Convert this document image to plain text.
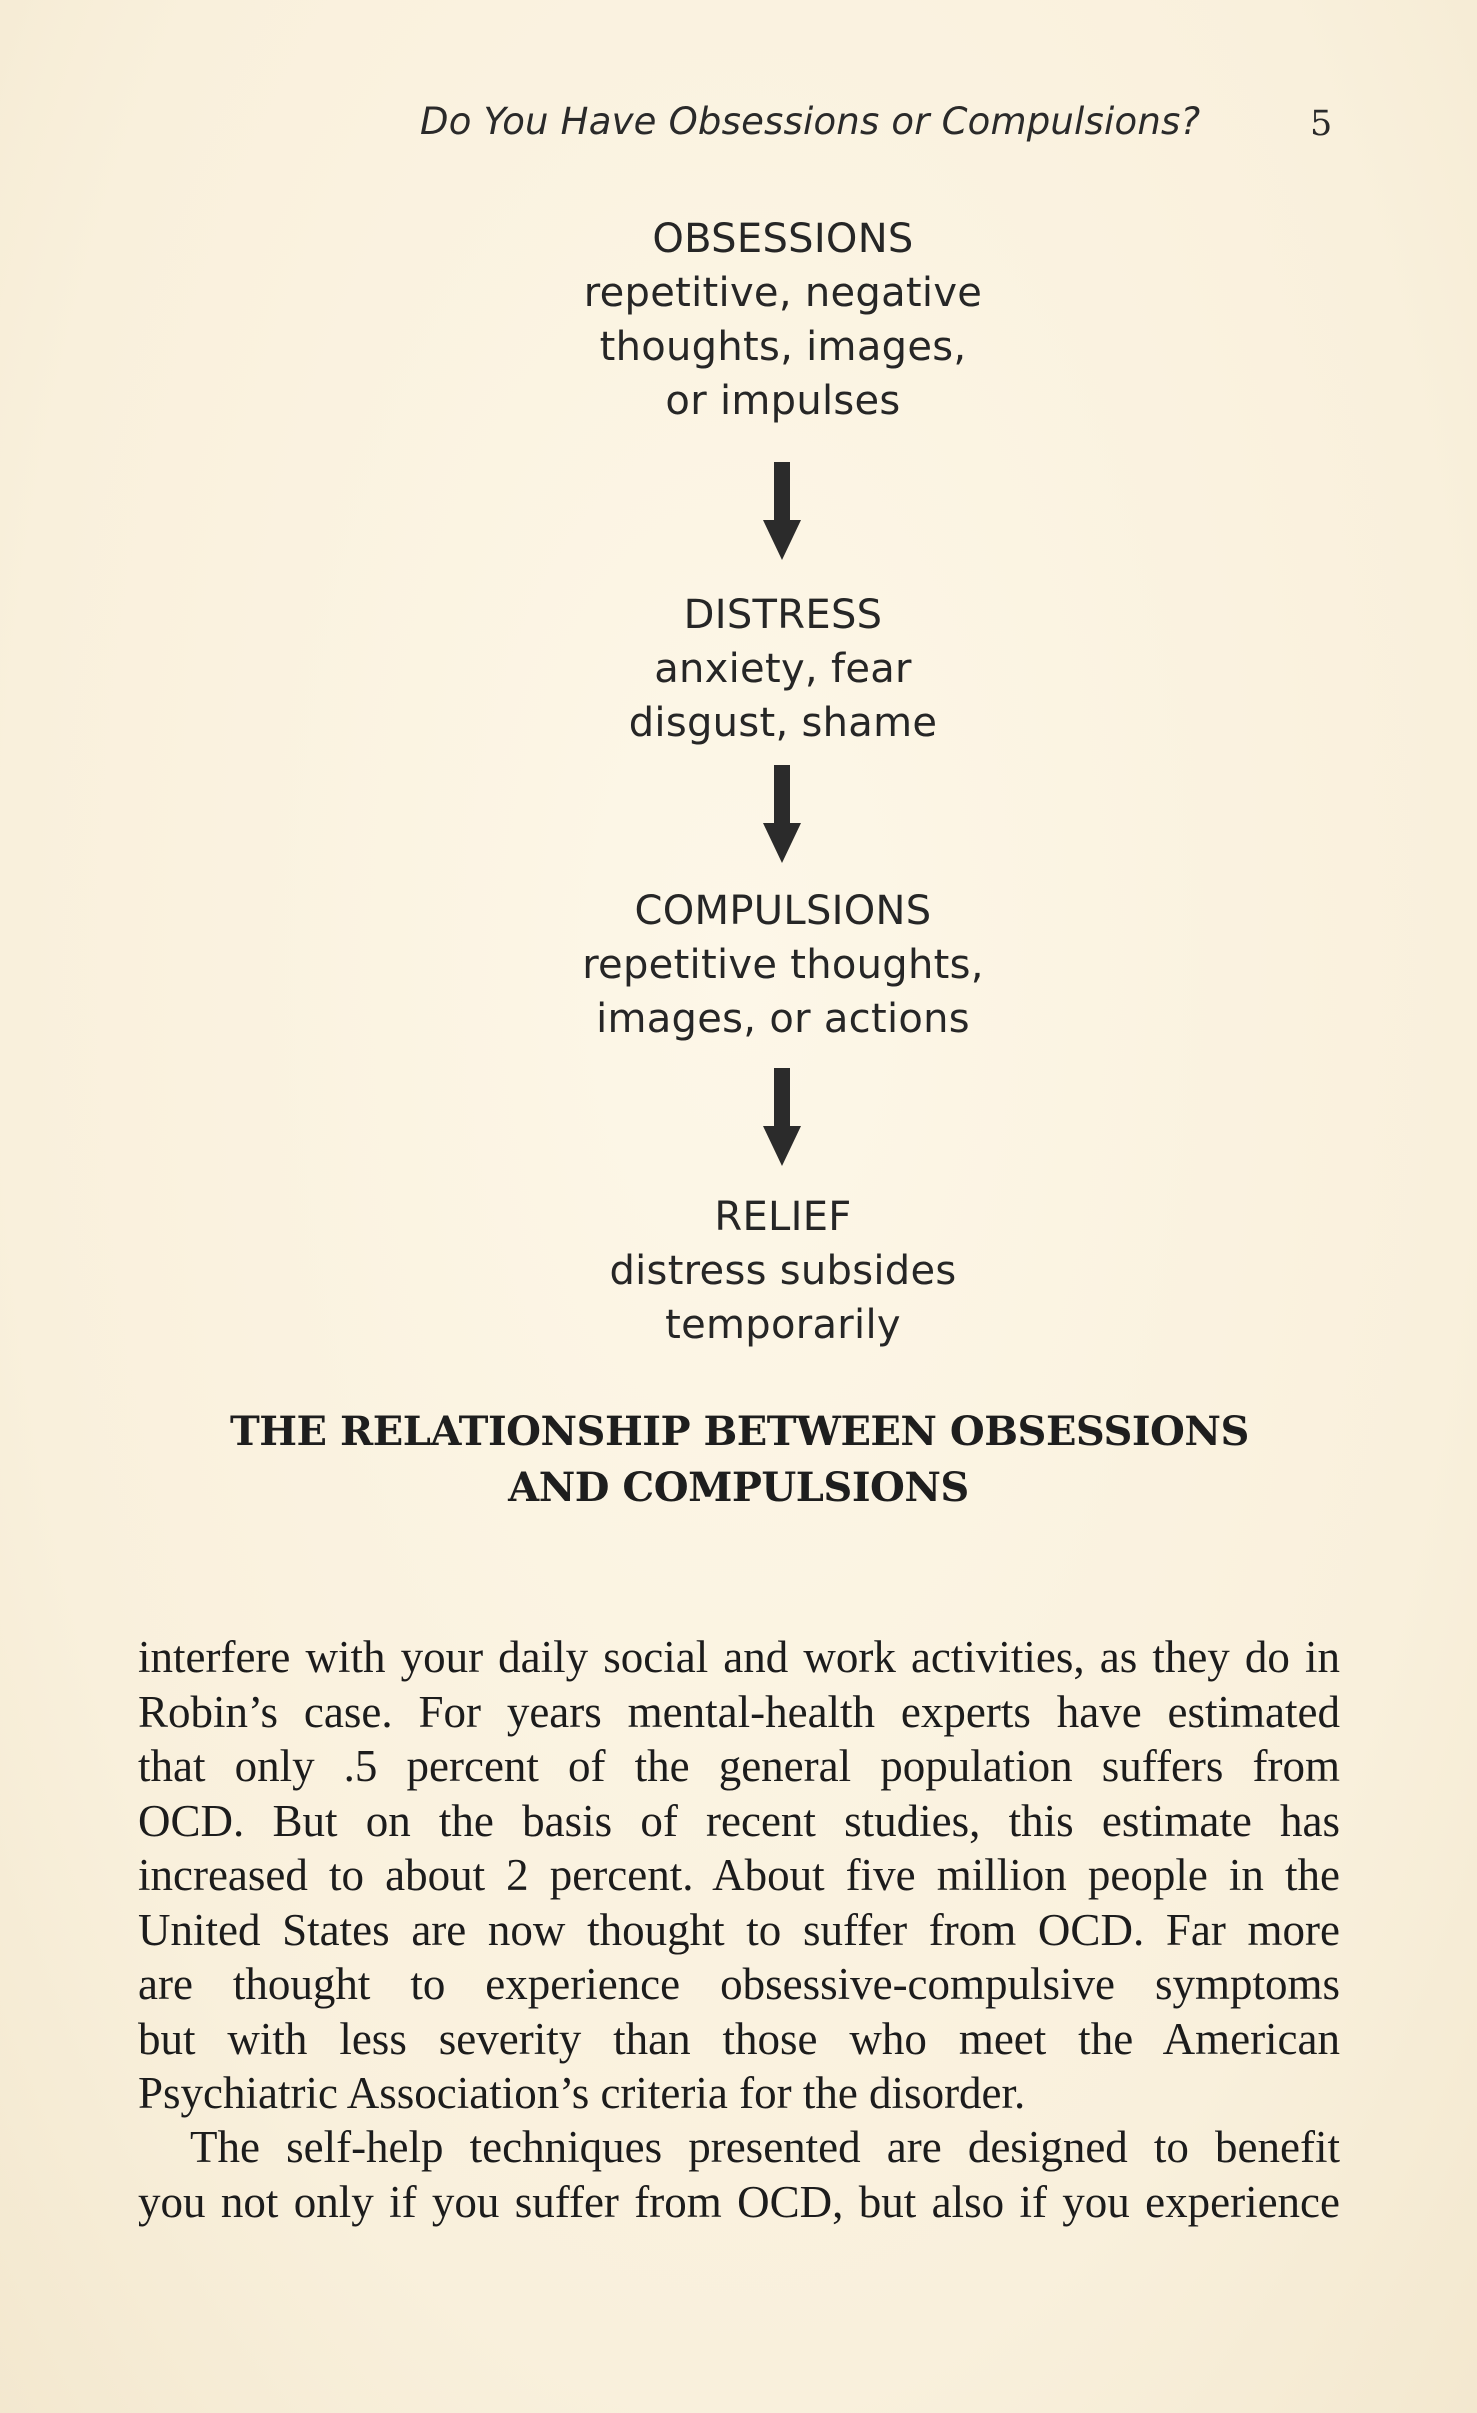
Do You Have Obsessions or Compulsions?	5
OBSESSIONS
repetitive, negative
thoughts, images,
or impulses
DISTRESS
anxiety, fear
disgust, shame
COMPULSIONS
repetitive thoughts,
images, or actions
RELIEF
distress subsides
temporarily
THE RELATIONSHIP BETWEEN OBSESSIONS
AND COMPULSIONS
interfere with your daily social and work activities, as they do in
Robin’s case. For years mental-health experts have estimated
that only .5 percent of the general population suffers from
OCD. But on the basis of recent studies, this estimate has
increased to about 2 percent. About five million people in the
United States are now thought to suffer from OCD. Far more
are thought to experience obsessive-compulsive symptoms
but with less severity than those who meet the American
Psychiatric Association’s criteria for the disorder.
The self-help techniques presented are designed to benefit
you not only if you suffer from OCD, but also if you experience
